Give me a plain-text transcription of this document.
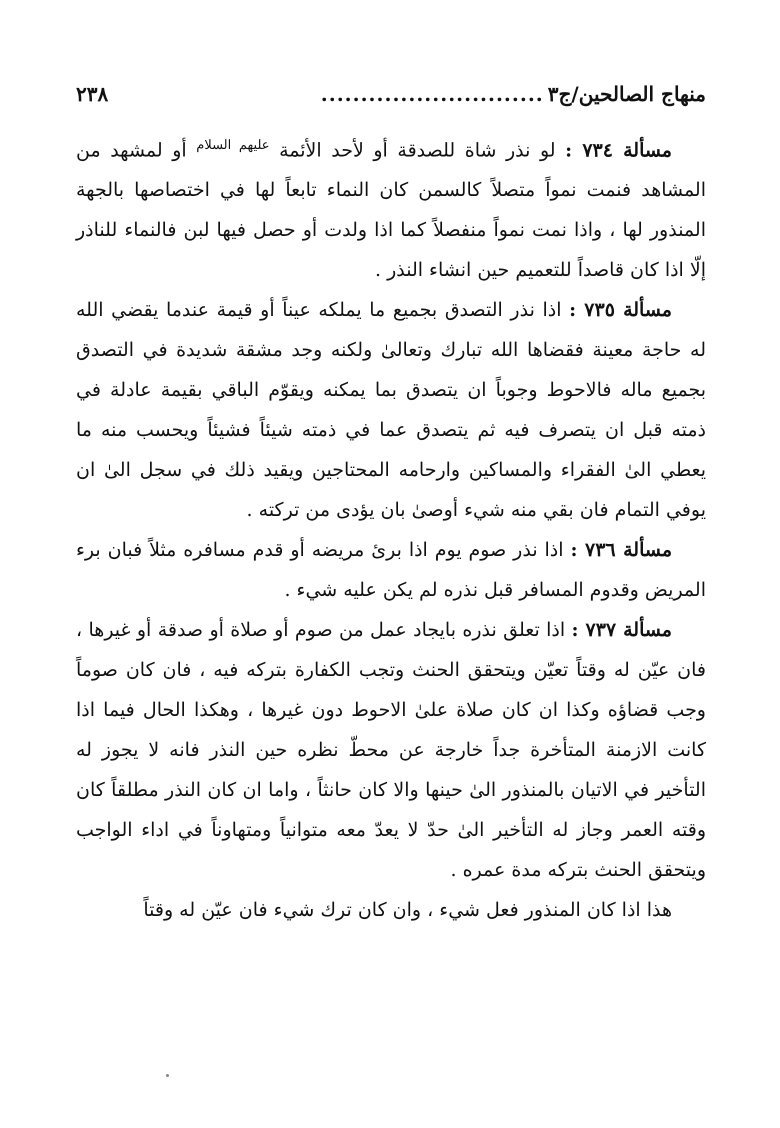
منهاج الصالحين/ج٣
............................
٢٣٨

مسألة ٧٣٤ : لو نذر شاة للصدقة أو لأحد الأئمة $^{عليهم السلام}$ أو لمشهد من المشاهد فنمت نمواً متصلاً كالسمن كان النماء تابعاً لها في اختصاصها بالجهة المنذور لها ، واذا نمت نمواً منفصلاً كما اذا ولدت أو حصل فيها لبن فالنماء للناذر إلّا اذا كان قاصداً للتعميم حين انشاء النذر .

مسألة ٧٣٥ : اذا نذر التصدق بجميع ما يملكه عيناً أو قيمة عندما يقضي الله له حاجة معينة فقضاها الله تبارك وتعالىٰ ولكنه وجد مشقة شديدة في التصدق بجميع ماله فالاحوط وجوباً ان يتصدق بما يمكنه ويقوّم الباقي بقيمة عادلة في ذمته قبل ان يتصرف فيه ثم يتصدق عما في ذمته شيئاً فشيئاً ويحسب منه ما يعطي الىٰ الفقراء والمساكين وارحامه المحتاجين ويقيد ذلك في سجل الىٰ ان يوفي التمام فان بقي منه شيء أوصىٰ بان يؤدى من تركته .

مسألة ٧٣٦ : اذا نذر صوم يوم اذا برئ مريضه أو قدم مسافره مثلاً فبان برء المريض وقدوم المسافر قبل نذره لم يكن عليه شيء .

مسألة ٧٣٧ : اذا تعلق نذره بايجاد عمل من صوم أو صلاة أو صدقة أو غيرها ، فان عيّن له وقتاً تعيّن ويتحقق الحنث وتجب الكفارة بتركه فيه ، فان كان صوماً وجب قضاؤه وكذا ان كان صلاة علىٰ الاحوط دون غيرها ، وهكذا الحال فيما اذا كانت الازمنة المتأخرة جداً خارجة عن محطّ نظره حين النذر فانه لا يجوز له التأخير في الاتيان بالمنذور الىٰ حينها والا كان حانثاً ، واما ان كان النذر مطلقاً كان وقته العمر وجاز له التأخير الىٰ حدّ لا يعدّ معه متوانياً ومتهاوناً في اداء الواجب ويتحقق الحنث بتركه مدة عمره .

هذا اذا كان المنذور فعل شيء ، وان كان ترك شيء فان عيّن له وقتاً
